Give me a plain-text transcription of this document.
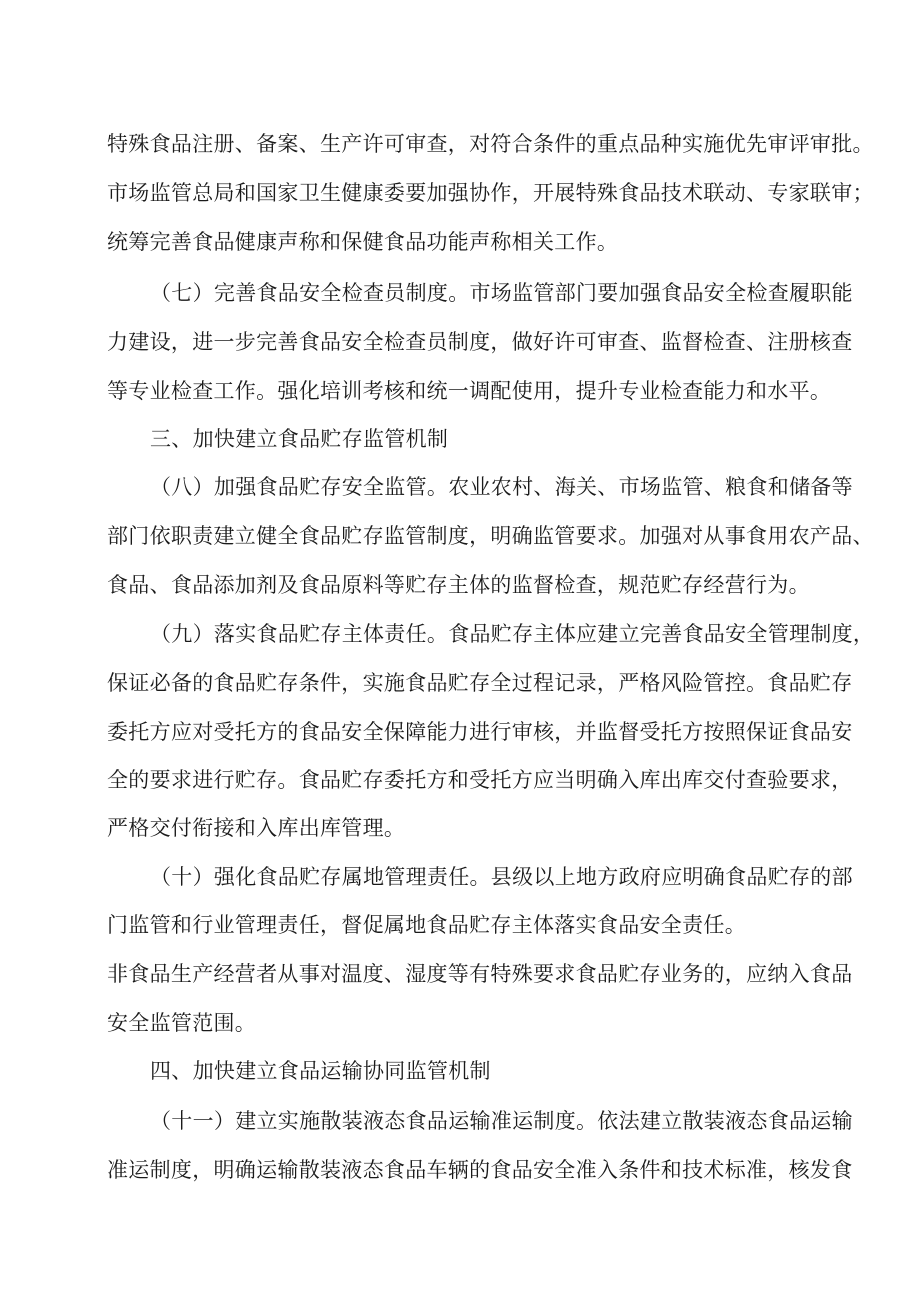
特殊食品注册、备案、生产许可审查，对符合条件的重点品种实施优先审评审批。
市场监管总局和国家卫生健康委要加强协作，开展特殊食品技术联动、专家联审；
统筹完善食品健康声称和保健食品功能声称相关工作。
（七）完善食品安全检查员制度。市场监管部门要加强食品安全检查履职能
力建设，进一步完善食品安全检查员制度，做好许可审查、监督检查、注册核查
等专业检查工作。强化培训考核和统一调配使用，提升专业检查能力和水平。
三、加快建立食品贮存监管机制
（八）加强食品贮存安全监管。农业农村、海关、市场监管、粮食和储备等
部门依职责建立健全食品贮存监管制度，明确监管要求。加强对从事食用农产品、
食品、食品添加剂及食品原料等贮存主体的监督检查，规范贮存经营行为。
（九）落实食品贮存主体责任。食品贮存主体应建立完善食品安全管理制度，
保证必备的食品贮存条件，实施食品贮存全过程记录，严格风险管控。食品贮存
委托方应对受托方的食品安全保障能力进行审核，并监督受托方按照保证食品安
全的要求进行贮存。食品贮存委托方和受托方应当明确入库出库交付查验要求，
严格交付衔接和入库出库管理。
（十）强化食品贮存属地管理责任。县级以上地方政府应明确食品贮存的部
门监管和行业管理责任，督促属地食品贮存主体落实食品安全责任。
非食品生产经营者从事对温度、湿度等有特殊要求食品贮存业务的，应纳入食品
安全监管范围。
四、加快建立食品运输协同监管机制
（十一）建立实施散装液态食品运输准运制度。依法建立散装液态食品运输
准运制度，明确运输散装液态食品车辆的食品安全准入条件和技术标准，核发食
